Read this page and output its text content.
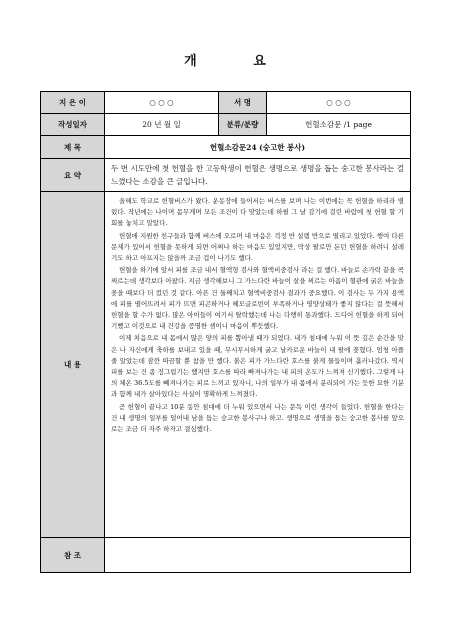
개 요
지 은 이	○ ○ ○	서 명	○ ○ ○
작성일자	20 년 월 일	분류/분량	헌혈소감문 /1 page
제 목	헌혈소감문24 (숭고한 봉사)		
요 약	두 번 시도만에 첫 헌혈을 한 고등학생이 헌혈은 생명으로 생명을 돕는 숭고한 봉사라는 걸 느꼈다는 소감을 큰 글입니다.		
내 용	올해도 학교로 헌혈버스가 왔다. 운동장에 들어서는 버스를 보며 나는 이번에는 꼭 헌혈을 하리라 별렀다. 작년에는 나이며 몸무게며 모든 조건이 다 맞았는데 하필 그 날 감기에 걸린 바람에 첫 헌혈 할 기회를 놓치고 말았다.

헌혈에 지원한 친구들과 함께 버스에 오르며 내 마음은 걱정 반 설렘 반으로 떨리고 있었다. 행여 다른 문제가 있어서 헌혈을 못하게 되면 어쩌나 하는 마음도 있었지만, 막상 팔로만 돈던 헌혈을 하려니 설레기도 하고 아프지는 않을까 조금 겁이 나기도 했다.

헌혈을 하기에 앞서 피를 조금 내서 혈액형 검사와 혈액비중검사 라는 걸 했다. 바늘로 손가락 끝을 콕 찌르는데 생각보다 아팠다. 지금 생각해보니 그 가느다란 바늘이 살을 찌르는 아픔이 혈관에 굵은 바늘을 꽂을 때보다 더 컸던 것 같다. 아픈 건 둘째치고 혈액비중검사 결과가 중요했다. 이 검사는 두 가지 용액에 피를 떨어뜨려서 피가 뜨면 피곤하거나 헤모글로빈이 부족하거나 영양상태가 좋지 않다는 걸 뜻해서 헌혈을 할 수가 없다. 많은 아이들이 여기서 탈락했는데 나는 다행히 통과했다. 드디어 헌혈을 하게 되어 기뻤고 이것으로 내 건강을 증명한 셈이니 마음이 뿌듯했다.

이제 처음으로 내 몸에서 많은 양의 피를 뽑아낼 때가 되었다. 내가 침대에 누워 이 뜻 깊은 순간을 맞은 나 자신에게 축하를 보내고 있을 때, 무시무시하게 굵고 날카로운 바늘이 내 팔에 꽂혔다. 엄청 아플 줄 알았는데 잠깐 따끔할 뿐 참을 만 했다. 붉은 피가 가느다란 호스를 붉게 물들이며 흘러나갔다. 역시 피를 보는 건 좀 징그럽기는 했지만 호스를 따라 빠져나가는 내 피의 온도가 느껴져 신기했다. 그렇게 나의 체온 36.5도를 빼져나가는 피로 느끼고 있자니, 나의 일부가 내 몸에서 분리되어 가는 듯한 묘한 기분과 함께 내가 살아있다는 사실이 명확하게 느껴졌다.

곧 헌혈이 끝나고 10분 동안 침대에 더 누워 있으면서 나는 문득 이런 생각이 들었다. 헌혈을 한다는 건 내 생명의 일부를 덜어내 남을 돕는 숭고한 봉사구나 하고. 생명으로 생명을 돕는 숭고한 봉사를 앞으로는 조금 더 자주 하자고 결심했다.		

참 조			
